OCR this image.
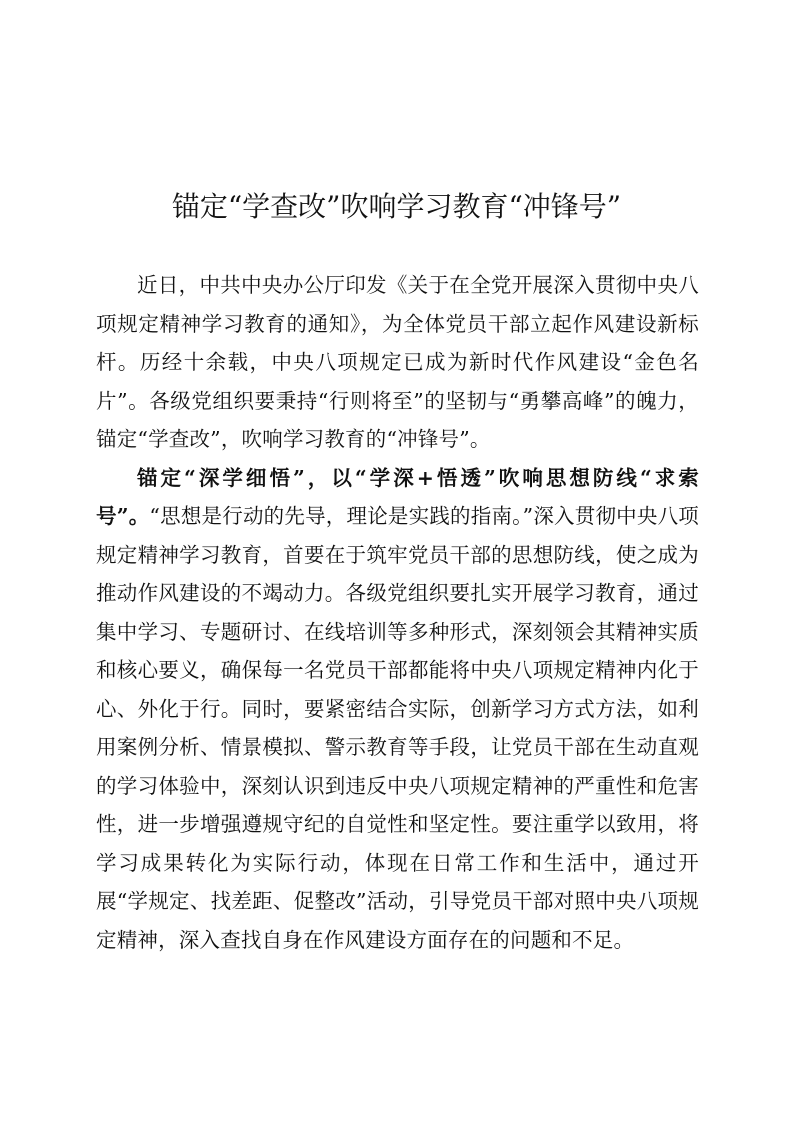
锚定“学查改”吹响学习教育“冲锋号”

近日，中共中央办公厅印发《关于在全党开展深入贯彻中央八项规定精神学习教育的通知》，为全体党员干部立起作风建设新标杆。历经十余载，中央八项规定已成为新时代作风建设“金色名片”。各级党组织要秉持“行则将至”的坚韧与“勇攀高峰”的魄力，锚定“学查改”，吹响学习教育的“冲锋号”。

锚定“深学细悟”，以“学深+悟透”吹响思想防线“求索号”。“思想是行动的先导，理论是实践的指南。”深入贯彻中央八项规定精神学习教育，首要在于筑牢党员干部的思想防线，使之成为推动作风建设的不竭动力。各级党组织要扎实开展学习教育，通过集中学习、专题研讨、在线培训等多种形式，深刻领会其精神实质和核心要义，确保每一名党员干部都能将中央八项规定精神内化于心、外化于行。同时，要紧密结合实际，创新学习方式方法，如利用案例分析、情景模拟、警示教育等手段，让党员干部在生动直观的学习体验中，深刻认识到违反中央八项规定精神的严重性和危害性，进一步增强遵规守纪的自觉性和坚定性。要注重学以致用，将学习成果转化为实际行动，体现在日常工作和生活中，通过开展“学规定、找差距、促整改”活动，引导党员干部对照中央八项规定精神，深入查找自身在作风建设方面存在的问题和不足。
